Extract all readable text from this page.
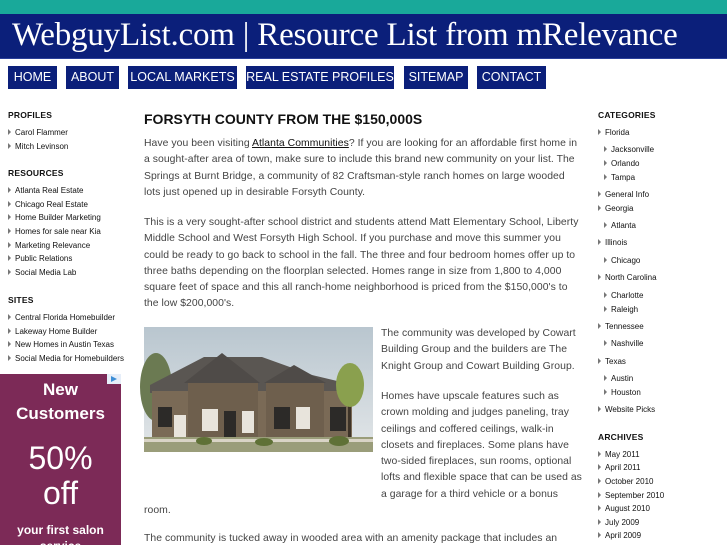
WebguyList.com | Resource List from mRelevance
HOME	ABOUT	LOCAL MARKETS REAL ESTATE PROFILES	SITEMAP	CONTACT
PROFILES
Carol Flammer
Mitch Levinson
RESOURCES
Atlanta Real Estate
Chicago Real Estate
Home Builder Marketing
Homes for sale near Kia
Marketing Relevance
Public Relations
Social Media Lab
SITES
Central Florida Homebuilder
Lakeway Home Builder
New Homes in Austin Texas
Social Media for Homebuilders
New
Customers
50%
off
your first salon
service
FORSYTH COUNTY FROM THE $150,000S
Have you been visiting Atlanta Communities? If you are looking for an affordable first home in a sought-after area of town, make sure to include this brand new community on your list. The Springs at Burnt Bridge, a community of 82 Craftsman-style ranch homes on large wooded lots just opened up in desirable Forsyth County.
This is a very sought-after school district and students attend Matt Elementary School, Liberty Middle School and West Forsyth High School. If you purchase and move this summer you could be ready to go back to school in the fall. The three and four bedroom homes offer up to three baths depending on the floorplan selected. Homes range in size from 1,800 to 4,000 square feet of space and this all ranch-home neighborhood is priced from the $150,000's to the low $200,000's.
The community was developed by Cowart Building Group and the builders are The Knight Group and Cowart Building Group.
Homes have upscale features such as crown molding and judges paneling, tray ceilings and coffered ceilings, walk-in closets and fireplaces. Some plans have two-sided fireplaces, sun rooms, optional lofts and flexible space that can be used as a garage for a third vehicle or a bonus room.
The community is tucked away in wooded area with an amenity package that includes an
CATEGORIES
Florida
Jacksonville
Orlando
Tampa
General Info
Georgia
Atlanta
Illinois
Chicago
North Carolina
Charlotte
Raleigh
Tennessee
Nashville
Texas
Austin
Houston
Website Picks
ARCHIVES
May 2011
April 2011
October 2010
September 2010
August 2010
July 2009
April 2009
